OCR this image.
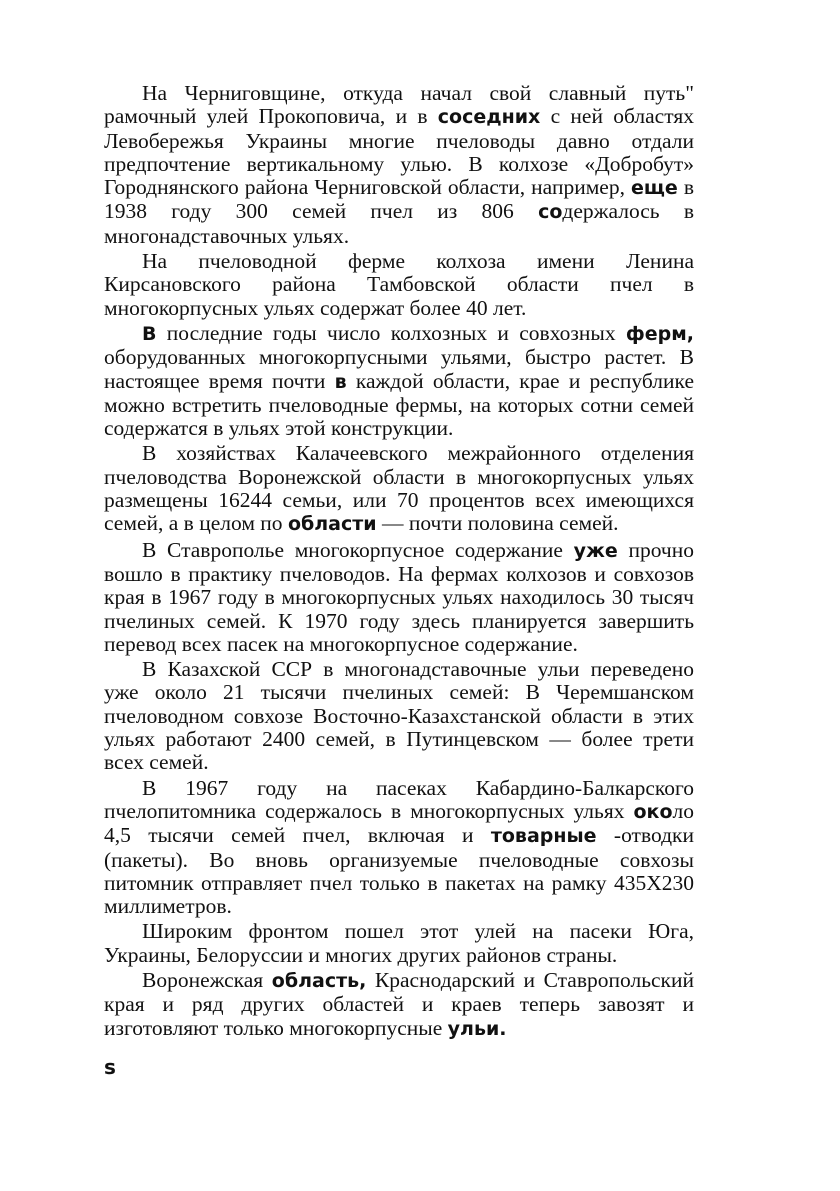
На Черниговщине, откуда начал свой славный путь" рамочный улей Прокоповича, и в соседних с ней областях Левобережья Украины многие пчеловоды давно отдали предпочтение вертикальному улью. В колхозе «Добробут» Городнянского района Черниговской области, например, еще в 1938 году 300 семей пчел из 806 содержалось в многонадставочных ульях.

На пчеловодной ферме колхоза имени Ленина Кирсановского района Тамбовской области пчел в многокорпусных ульях содержат более 40 лет.

В последние годы число колхозных и совхозных ферм, оборудованных многокорпусными ульями, быстро растет. В настоящее время почти в каждой области, крае и республике можно встретить пчеловодные фермы, на которых сотни семей содержатся в ульях этой конструкции.

В хозяйствах Калачеевского межрайонного отделения пчеловодства Воронежской области в многокорпусных ульях размещены 16244 семьи, или 70 процентов всех имеющихся семей, а в целом по области — почти половина семей.

В Ставрополье многокорпусное содержание уже прочно вошло в практику пчеловодов. На фермах колхозов и совхозов края в 1967 году в многокорпусных ульях находилось 30 тысяч пчелиных семей. К 1970 году здесь планируется завершить перевод всех пасек на многокорпусное содержание.

В Казахской ССР в многонадставочные ульи переведено уже около 21 тысячи пчелиных семей: В Черемшанском пчеловодном совхозе Восточно-Казахстанской области в этих ульях работают 2400 семей, в Путинцевском — более трети всех семей.

В 1967 году на пасеках Кабардино-Балкарского пчелопитомника содержалось в многокорпусных ульях около 4,5 тысячи семей пчел, включая и товарные -отводки (пакеты). Во вновь организуемые пчеловодные совхозы питомник отправляет пчел только в пакетах на рамку 435Х230 миллиметров.

Широким фронтом пошел этот улей на пасеки Юга, Украины, Белоруссии и многих других районов страны.

Воронежская область, Краснодарский и Ставропольский края и ряд других областей и краев теперь завозят и изготовляют только многокорпусные ульи.

s
